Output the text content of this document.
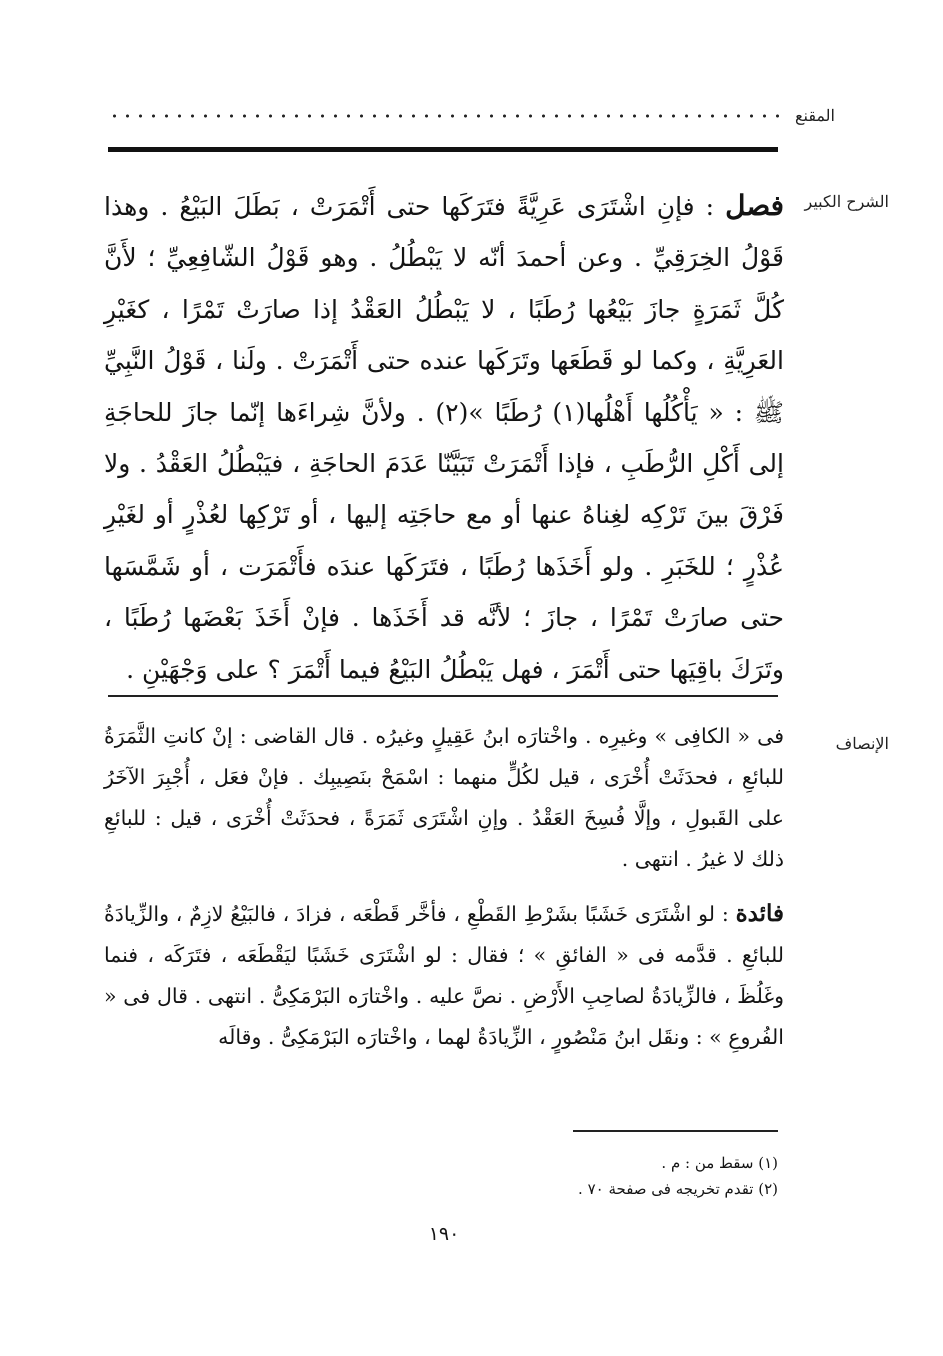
المقنع
الشرح الكبير

فصل : فإنِ اشْتَرَى عَرِيَّةً فتَرَكَها حتى أَتْمَرَتْ ، بَطَلَ البَيْعُ . وهذا قَوْلُ الخِرَقِيِّ . وعن أحمدَ أنّه لا يَبْطُلُ . وهو قَوْلُ الشّافِعِيِّ ؛ لأَنَّ كُلَّ ثَمَرَةٍ جازَ بَيْعُها رُطَبًا ، لا يَبْطُلُ العَقْدُ إذا صارَتْ تَمْرًا ، كغَيْرِ العَرِيَّةِ ، وكما لو قَطَعَها وتَرَكَها عنده حتى أَتْمَرَتْ . ولَنا ، قَوْلُ النَّبِيِّ ﷺ : « يَأْكُلُها أَهْلُها(١) رُطَبًا »(٢) . ولأنَّ شِراءَها إنّما جازَ للحاجَةِ إلى أَكْلِ الرُّطَبِ ، فإذا أَتْمَرَتْ تَبَيَّنّا عَدَمَ الحاجَةِ ، فيَبْطُلُ العَقْدُ . ولا فَرْقَ بينَ تَرْكِه لغِناهُ عنها أو مع حاجَتِه إليها ، أو تَرْكِها لعُذْرٍ أو لغَيْرِ عُذْرٍ ؛ للخَبَرِ . ولو أَخَذَها رُطَبًا ، فتَرَكَها عندَه فأَتْمَرَت ، أو شَمَّسَها حتى صارَتْ تَمْرًا ، جازَ ؛ لأنَّه قد أَخَذَها . فإنْ أَخَذَ بَعْضَها رُطَبًا ، وتَرَكَ باقِيَها حتى أَتْمَرَ ، فهل يَبْطُلُ البَيْعُ فيما أَتْمَرَ ؟ على وَجْهَيْنِ .

الإنصاف

فى « الكافِى » وغيرِه . واخْتارَه ابنُ عَقِيلٍ وغيرُه . قال القاضى : إنْ كانتِ الثَّمَرَةُ للبائعِ ، فحدَثَتْ أُخْرَى ، قيل لكُلٍّ منهما : اسْمَحْ بنَصِيبِك . فإنْ فعَل ، أُجْبِرَ الآخَرُ على القَبولِ ، وإلَّا فُسِخَ العَقْدُ . وإنِ اشْتَرَى ثَمَرَةً ، فحدَثَتْ أُخْرَى ، قيل : للبائعِ ذلك لا غيرُ . انتهى .

فائدة : لو اشْتَرَى خَشَبًا بشَرْطِ القَطْعِ ، فأخَّر قَطْعَه ، فزادَ ، فالبَيْعُ لازِمٌ ، والزِّيادَةُ للبائعِ . قدَّمه فى « الفائقِ » ؛ فقال : لو اشْتَرَى خَشَبًا ليَقْطَعَه ، فتَرَكَه ، فنما وغَلُظَ ، فالزِّيادَةُ لصاحِبِ الأَرْضِ . نصَّ عليه . واخْتارَه البَرْمَكِىُّ . انتهى . قال فى « الفُروعِ » : ونقَل ابنُ مَنْصُورٍ ، الزِّيادَةُ لهما ، واخْتارَه البَرْمَكِىُّ . وقالَه

(١) سقط من : م .
(٢) تقدم تخريجه فى صفحة ٧٠ .
١٩٠
